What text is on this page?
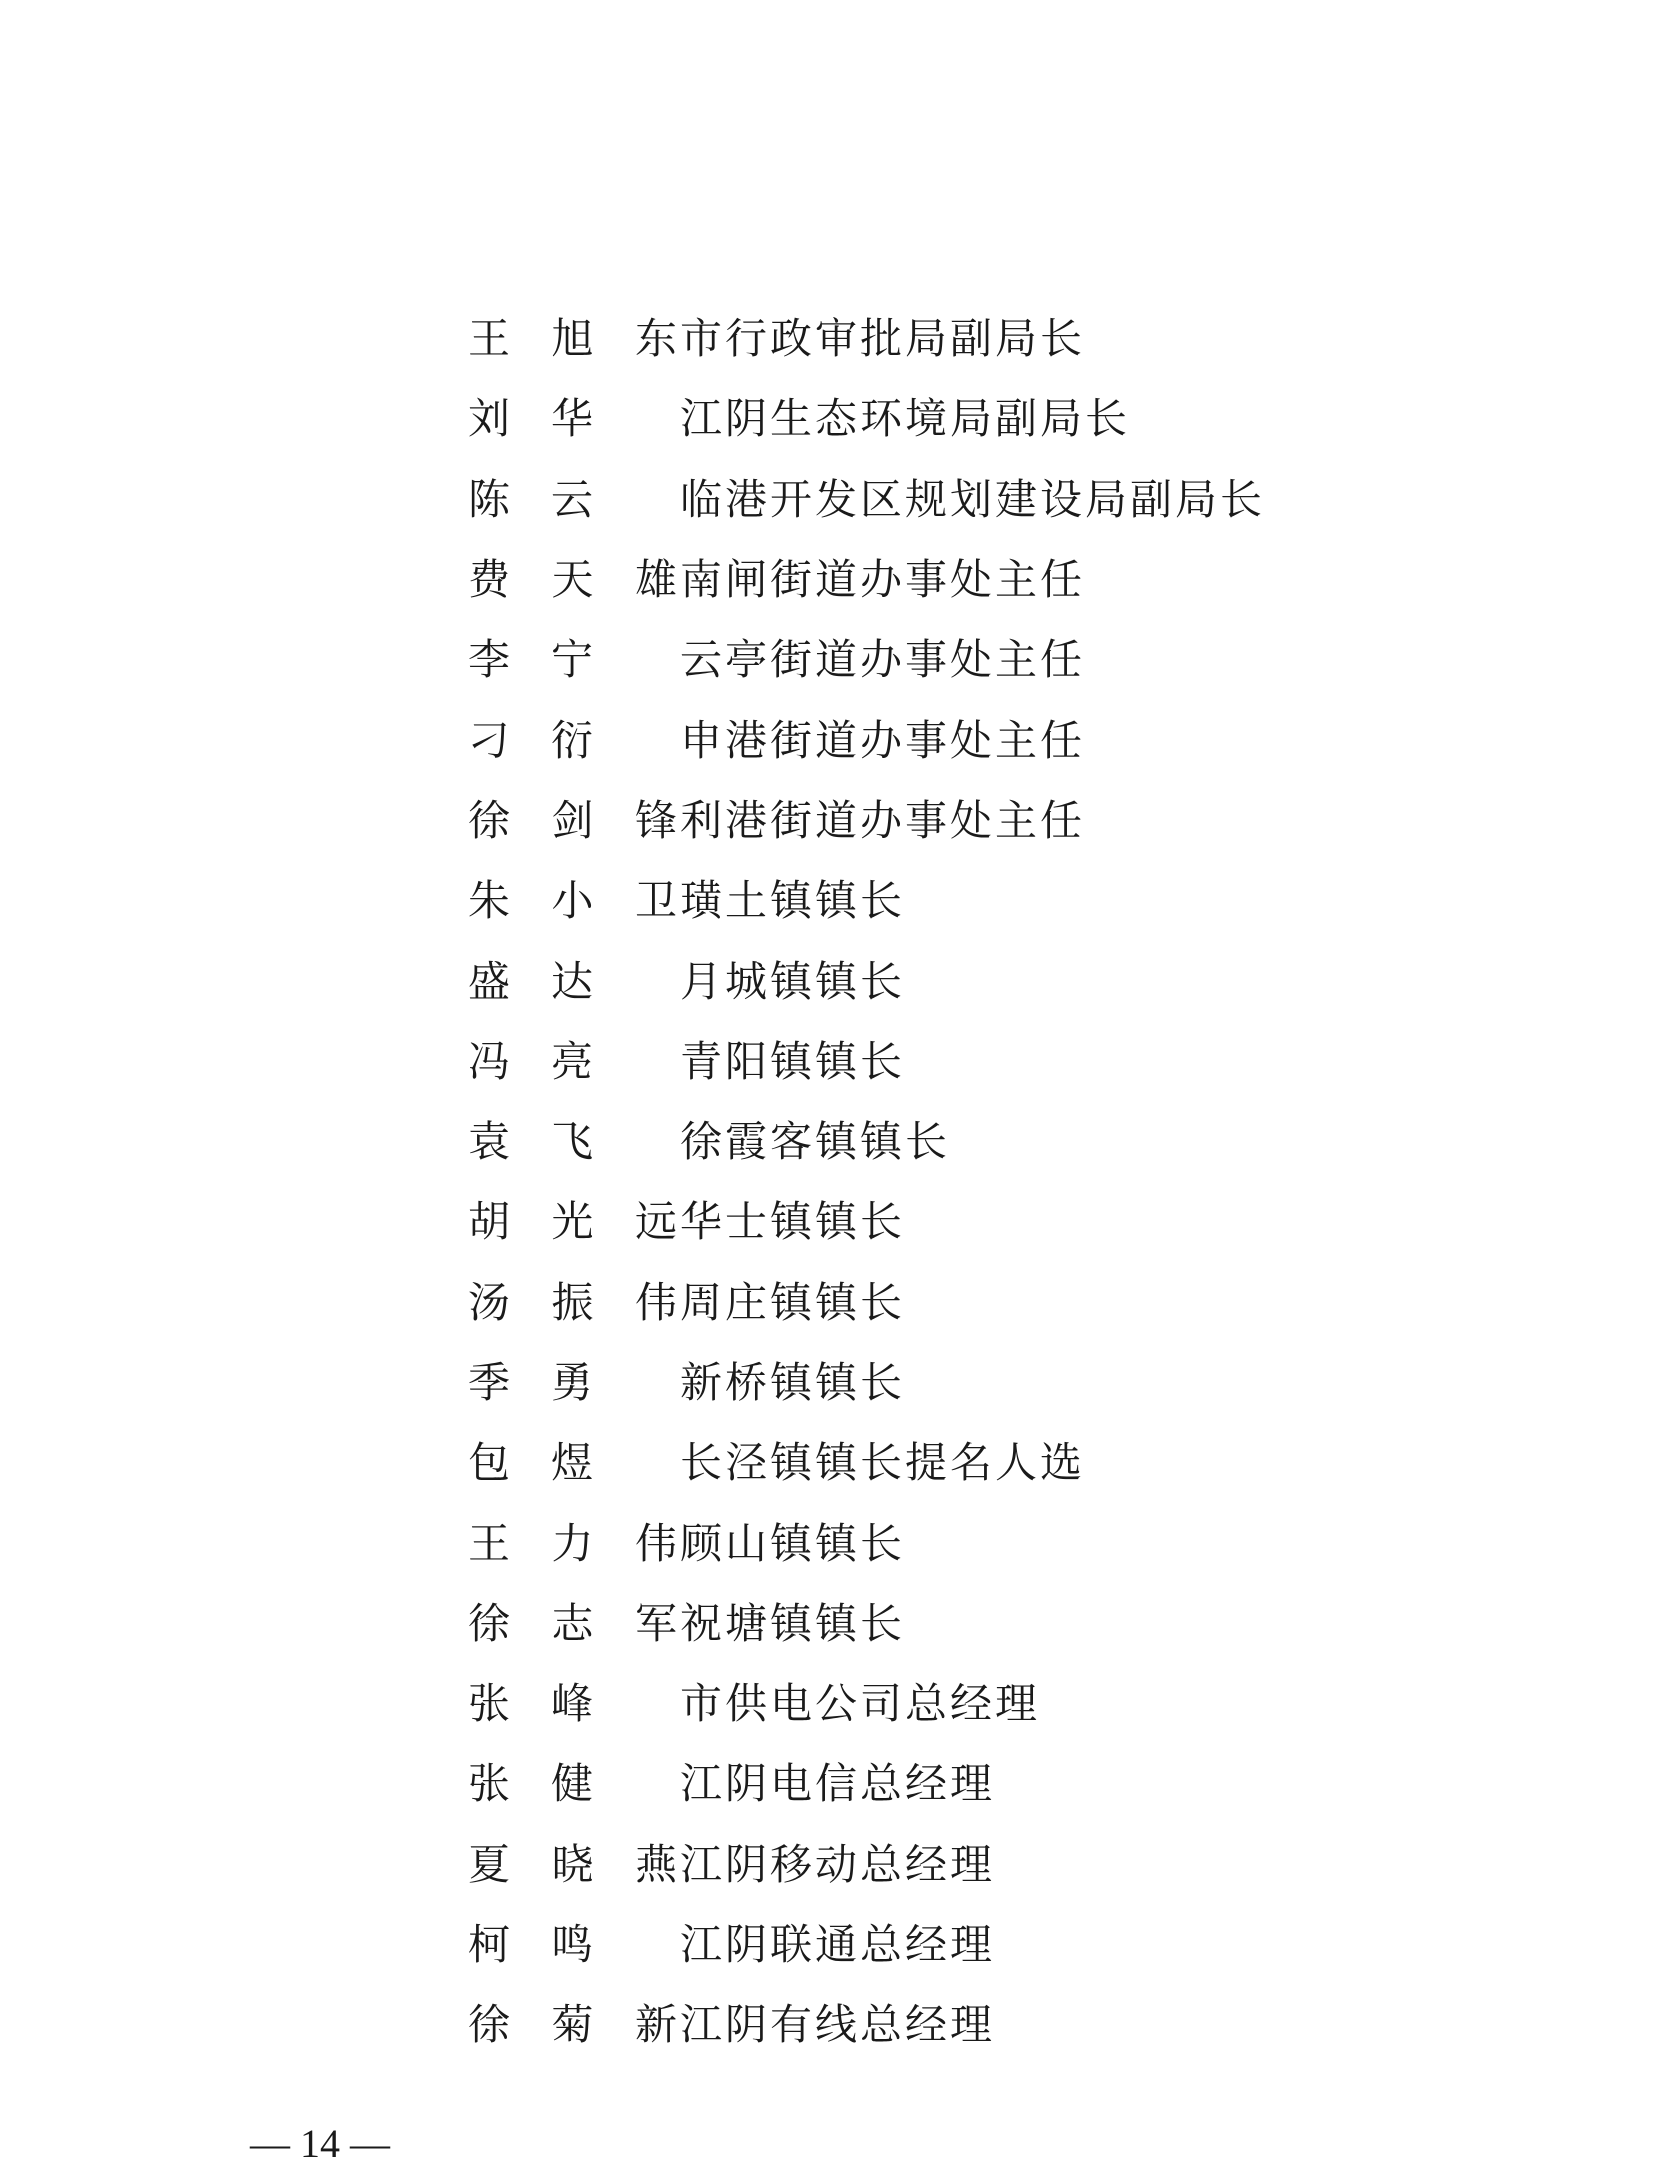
王 旭 东 市行政审批局副局长
刘 华 江阴生态环境局副局长
陈 云 临港开发区规划建设局副局长
费 天 雄 南闸街道办事处主任
李 宁 云亭街道办事处主任
刁 衍 申港街道办事处主任
徐 剑 锋 利港街道办事处主任
朱 小 卫 璜土镇镇长
盛 达 月城镇镇长
冯 亮 青阳镇镇长
袁 飞 徐霞客镇镇长
胡 光 远 华士镇镇长
汤 振 伟 周庄镇镇长
季 勇 新桥镇镇长
包 煜 长泾镇镇长提名人选
王 力 伟 顾山镇镇长
徐 志 军 祝塘镇镇长
张 峰 市供电公司总经理
张 健 江阴电信总经理
夏 晓 燕 江阴移动总经理
柯 鸣 江阴联通总经理
徐 菊 新 江阴有线总经理
— 14 —
